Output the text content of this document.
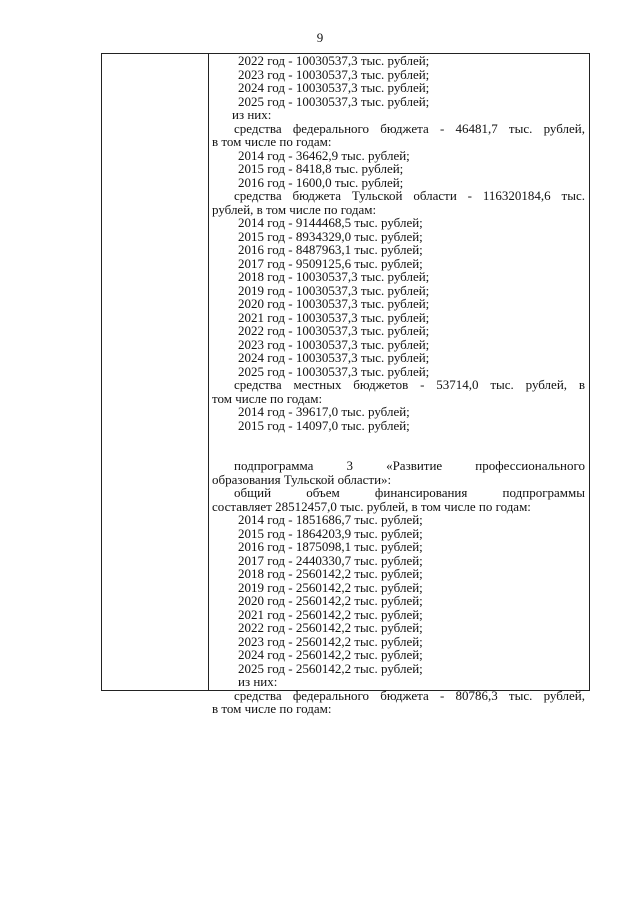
9
2022 год - 10030537,3 тыс. рублей;
2023 год - 10030537,3 тыс. рублей;
2024 год - 10030537,3 тыс. рублей;
2025 год - 10030537,3 тыс. рублей;
из них:
средства федерального бюджета - 46481,7 тыс. рублей,
в том числе по годам:
2014 год - 36462,9 тыс. рублей;
2015 год - 8418,8 тыс. рублей;
2016 год - 1600,0 тыс. рублей;
средства бюджета Тульской области - 116320184,6 тыс.
рублей, в том числе по годам:
2014 год - 9144468,5 тыс. рублей;
2015 год - 8934329,0 тыс. рублей;
2016 год - 8487963,1 тыс. рублей;
2017 год - 9509125,6 тыс. рублей;
2018 год - 10030537,3 тыс. рублей;
2019 год - 10030537,3 тыс. рублей;
2020 год - 10030537,3 тыс. рублей;
2021 год - 10030537,3 тыс. рублей;
2022 год - 10030537,3 тыс. рублей;
2023 год - 10030537,3 тыс. рублей;
2024 год - 10030537,3 тыс. рублей;
2025 год - 10030537,3 тыс. рублей;
средства местных бюджетов - 53714,0 тыс. рублей, в
том числе по годам:
2014 год - 39617,0 тыс. рублей;
2015 год - 14097,0 тыс. рублей;
подпрограмма 3 «Развитие профессионального
образования Тульской области»:
общий объем финансирования подпрограммы
составляет 28512457,0 тыс. рублей, в том числе по годам:
2014 год - 1851686,7 тыс. рублей;
2015 год - 1864203,9 тыс. рублей;
2016 год - 1875098,1 тыс. рублей;
2017 год - 2440330,7 тыс. рублей;
2018 год - 2560142,2 тыс. рублей;
2019 год - 2560142,2 тыс. рублей;
2020 год - 2560142,2 тыс. рублей;
2021 год - 2560142,2 тыс. рублей;
2022 год - 2560142,2 тыс. рублей;
2023 год - 2560142,2 тыс. рублей;
2024 год - 2560142,2 тыс. рублей;
2025 год - 2560142,2 тыс. рублей;
из них:
средства федерального бюджета - 80786,3 тыс. рублей,
в том числе по годам:
